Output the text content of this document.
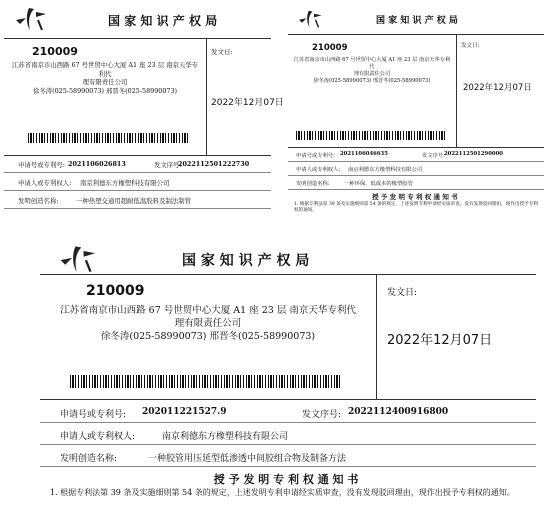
国家知识产权局
210009
江苏省南京市山西路 67 号世贸中心大厦 A1 座 23 层 南京天华专利代
理有限责任公司
徐冬涛(025-58990073) 邢晋冬(025-58990073)
发文日:
2022年12月07日
申请号或专利号: 2021106026813	发文序号:
2022112501222730
申请人或专利权人: 南京利德东方橡塑科技有限公司
发明创造名称:	一种热塑交通用超耐低温胶料及制法制管
国家知识产权局
210009
江苏省南京市山西路 67 号世贸中心大厦 A1 座 23 层 南京天华专利代
理有限责任公司
徐冬涛(025-58990073) 邢晋冬(025-58990073)
发文日:
2022年12月07日
申请号或专利号: 2021106046635	发文序号: 2022112501290000
申请人或专利权人: 南京利德东方橡塑科技有限公司
发明创造名称:	一种环保、低成本的橡塑胶管
授予发明专利权通知书
1. 根据专利法第 39 条及实施细则第 54 条的规定，上述发明专利申请经实质审查，没有发现驳回理由，现作出授予专利权的通知。
国家知识产权局
210009
江苏省南京市山西路 67 号世贸中心大厦 A1 座 23 层 南京天华专利代
理有限责任公司
徐冬涛(025-58990073) 邢晋冬(025-58990073)
发文日:
2022年12月07日
申请号或专利号: 202011221527.9	发文序号: 2022112400916800
申请人或专利权人:	南京利德东方橡塑科技有限公司
发明创造名称:	一种胶管用压延型低渗透中间胶组合物及制备方法
授予发明专利权通知书
1. 根据专利法第 39 条及实施细则第 54 条的规定，上述发明专利申请经实质审查，没有发现驳回理由，现作出授予专利权的通知。
